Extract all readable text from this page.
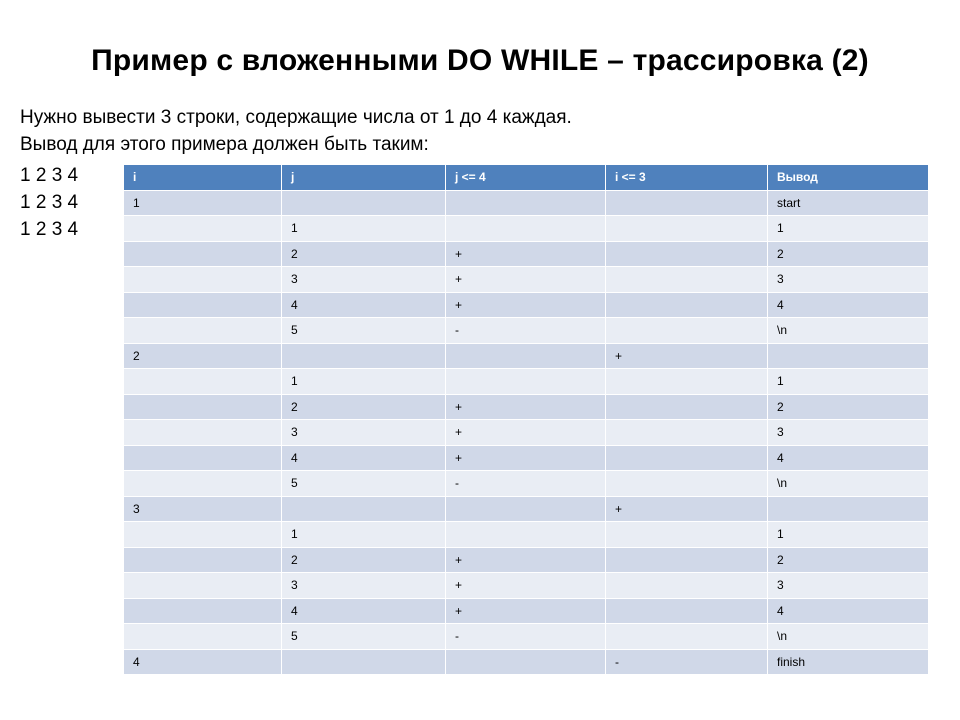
Пример с вложенными DO WHILE – трассировка (2)
Нужно вывести 3 строки, содержащие числа от 1 до 4 каждая.
Вывод для этого примера должен быть таким:
1 2 3 4
1 2 3 4
1 2 3 4
i	j	j <= 4	i <= 3	Вывод
1				start
	1			1
	2	+		2
	3	+		3
	4	+		4
	5	-		\n
2			+	
	1			1
	2	+		2
	3	+		3
	4	+		4
	5	-		\n
3			+	
	1			1
	2	+		2
	3	+		3
	4	+		4
	5	-		\n
4			-	finish
